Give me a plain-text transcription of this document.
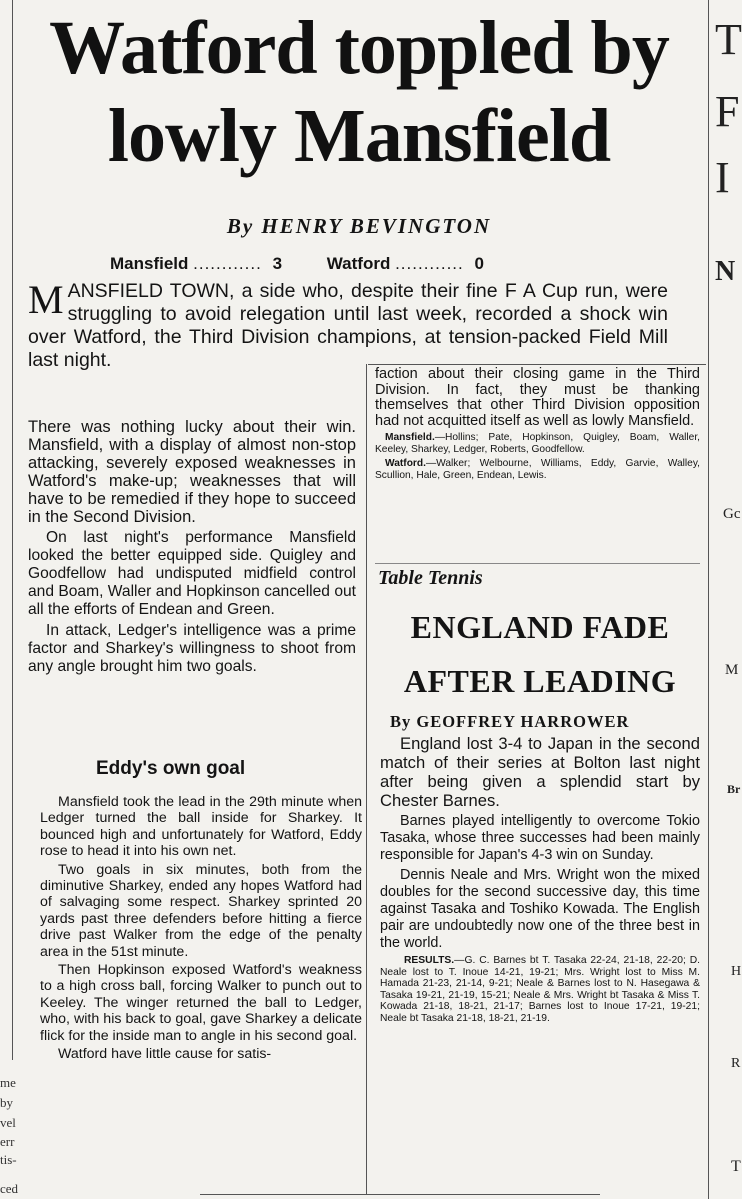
me
by
vel
err
tis-
ced
T
F
I
N
Gc
M
Br
H
R
T
Watford toppled by
lowly Mansfield

By HENRY BEVINGTON

Mansfield ............ 3	Watford ............ 0
M ANSFIELD TOWN, a side who, despite their fine F A Cup run, were struggling to avoid relegation until last week, recorded a shock win over Watford, the Third Division champions, at tension-packed Field Mill last night.

There was nothing lucky about their win. Mansfield, with a display of almost non-stop attacking, severely exposed weaknesses in Watford's make-up; weaknesses that will have to be remedied if they hope to succeed in the Second Division.

On last night's performance Mansfield looked the better equipped side. Quigley and Goodfellow had undisputed midfield control and Boam, Waller and Hopkinson cancelled out all the efforts of Endean and Green.

In attack, Ledger's intelligence was a prime factor and Sharkey's willingness to shoot from any angle brought him two goals.

Eddy's own goal

Mansfield took the lead in the 29th minute when Ledger turned the ball inside for Sharkey. It bounced high and unfortunately for Watford, Eddy rose to head it into his own net.

Two goals in six minutes, both from the diminutive Sharkey, ended any hopes Watford had of salvaging some respect. Sharkey sprinted 20 yards past three defenders before hitting a fierce drive past Walker from the edge of the penalty area in the 51st minute.

Then Hopkinson exposed Watford's weakness to a high cross ball, forcing Walker to punch out to Keeley. The winger returned the ball to Ledger, who, with his back to goal, gave Sharkey a delicate flick for the inside man to angle in his second goal.

Watford have little cause for satis-

faction about their closing game in the Third Division. In fact, they must be thanking themselves that other Third Division opposition had not acquitted itself as well as lowly Mansfield.

Mansfield.—Hollins; Pate, Hopkinson, Quigley, Boam, Waller, Keeley, Sharkey, Ledger, Roberts, Goodfellow.

Watford.—Walker; Welbourne, Williams, Eddy, Garvie, Walley, Scullion, Hale, Green, Endean, Lewis.

Table Tennis

ENGLAND FADE
AFTER LEADING

By GEOFFREY HARROWER

England lost 3-4 to Japan in the second match of their series at Bolton last night after being given a splendid start by Chester Barnes.

Barnes played intelligently to overcome Tokio Tasaka, whose three successes had been mainly responsible for Japan's 4-3 win on Sunday.

Dennis Neale and Mrs. Wright won the mixed doubles for the second successive day, this time against Tasaka and Toshiko Kowada. The English pair are undoubtedly now one of the three best in the world.

RESULTS.—G. C. Barnes bt T. Tasaka 22-24, 21-18, 22-20; D. Neale lost to T. Inoue 14-21, 19-21; Mrs. Wright lost to Miss M. Hamada 21-23, 21-14, 9-21; Neale & Barnes lost to N. Hasegawa & Tasaka 19-21, 21-19, 15-21; Neale & Mrs. Wright bt Tasaka & Miss T. Kowada 21-18, 18-21, 21-17; Barnes lost to Inoue 17-21, 19-21; Neale bt Tasaka 21-18, 18-21, 21-19.
